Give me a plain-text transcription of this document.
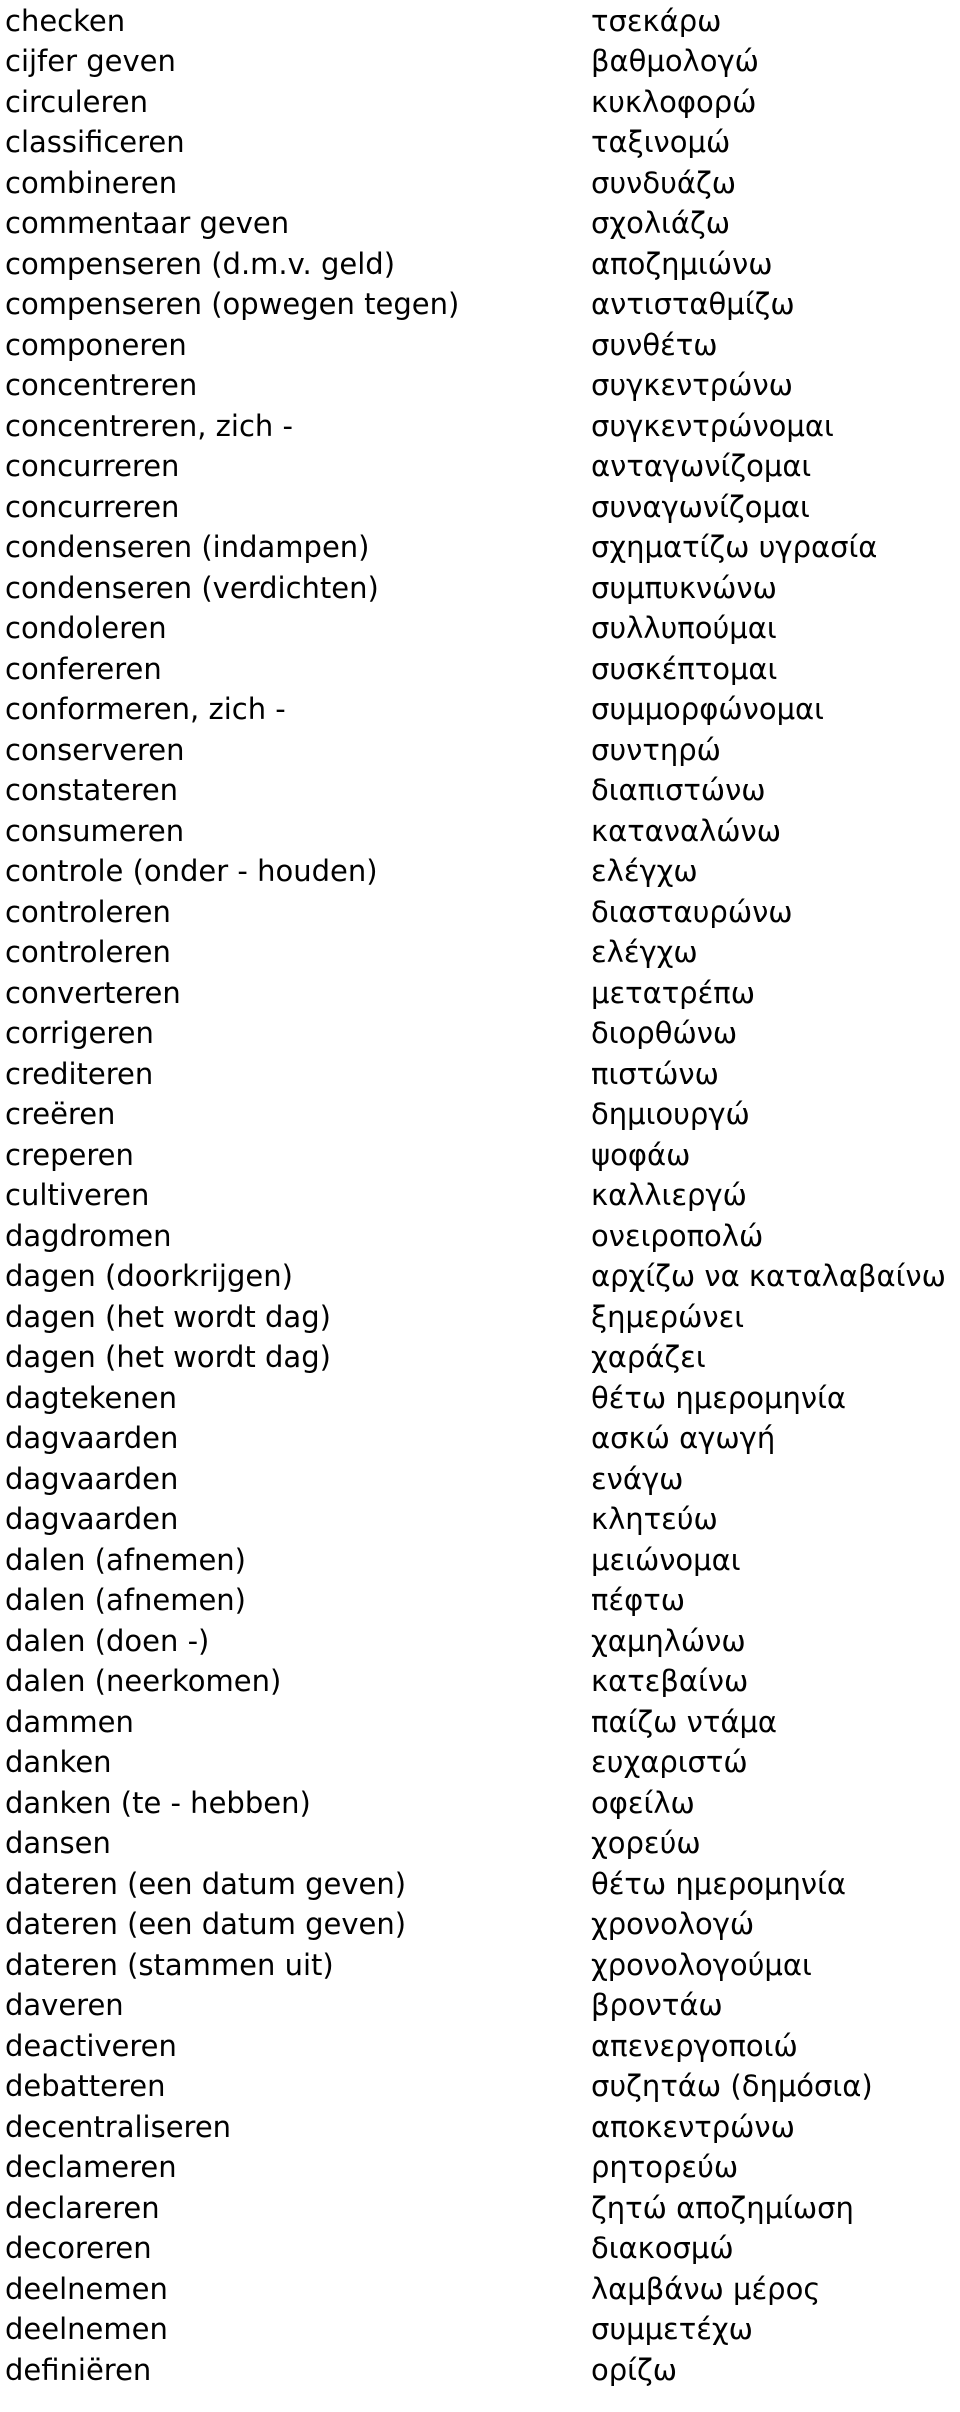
checken	τσεκάρω
cijfer geven	βαθμολογώ
circuleren	κυκλοφορώ
classificeren	ταξινομώ
combineren	συνδυάζω
commentaar geven	σχολιάζω
compenseren (d.m.v. geld)	αποζημιώνω
compenseren (opwegen tegen)	αντισταθμίζω
componeren	συνθέτω
concentreren	συγκεντρώνω
concentreren, zich -	συγκεντρώνομαι
concurreren	ανταγωνίζομαι
concurreren	συναγωνίζομαι
condenseren (indampen)	σχηματίζω υγρασία
condenseren (verdichten)	συμπυκνώνω
condoleren	συλλυπούμαι
confereren	συσκέπτομαι
conformeren, zich -	συμμορφώνομαι
conserveren	συντηρώ
constateren	διαπιστώνω
consumeren	καταναλώνω
controle (onder - houden)	ελέγχω
controleren	διασταυρώνω
controleren	ελέγχω
converteren	μετατρέπω
corrigeren	διορθώνω
crediteren	πιστώνω
creëren	δημιουργώ
creperen	ψοφάω
cultiveren	καλλιεργώ
dagdromen	ονειροπολώ
dagen (doorkrijgen)	αρχίζω να καταλαβαίνω
dagen (het wordt dag)	ξημερώνει
dagen (het wordt dag)	χαράζει
dagtekenen	θέτω ημερομηνία
dagvaarden	ασκώ αγωγή
dagvaarden	ενάγω
dagvaarden	κλητεύω
dalen (afnemen)	μειώνομαι
dalen (afnemen)	πέφτω
dalen (doen -)	χαμηλώνω
dalen (neerkomen)	κατεβαίνω
dammen	παίζω ντάμα
danken	ευχαριστώ
danken (te - hebben)	οφείλω
dansen	χορεύω
dateren (een datum geven)	θέτω ημερομηνία
dateren (een datum geven)	χρονολογώ
dateren (stammen uit)	χρονολογούμαι
daveren	βροντάω
deactiveren	απενεργοποιώ
debatteren	συζητάω (δημόσια)
decentraliseren	αποκεντρώνω
declameren	ρητορεύω
declareren	ζητώ αποζημίωση
decoreren	διακοσμώ
deelnemen	λαμβάνω μέρος
deelnemen	συμμετέχω
definiëren	ορίζω
